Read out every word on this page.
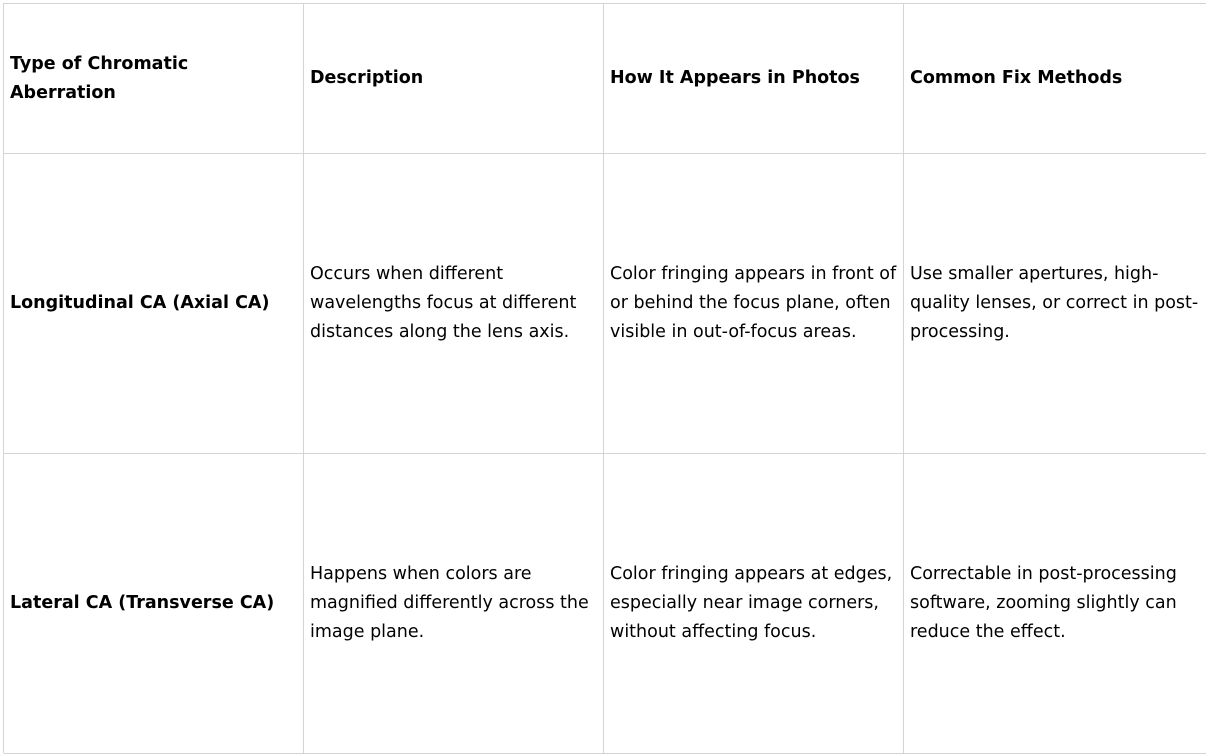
Type of Chromatic Aberration
Description	How It Appears in Photos	Common Fix Methods
Longitudinal CA (Axial CA)
Occurs when different wavelengths focus at different distances along the lens axis.
Color fringing appears in front of or behind the focus plane, often visible in out-of-focus areas.
Use smaller apertures, high-quality lenses, or correct in post-processing.
Lateral CA (Transverse CA)
Happens when colors are magnified differently across the image plane.
Color fringing appears at edges, especially near image corners, without affecting focus.
Correctable in post-processing software, zooming slightly can reduce the effect.
